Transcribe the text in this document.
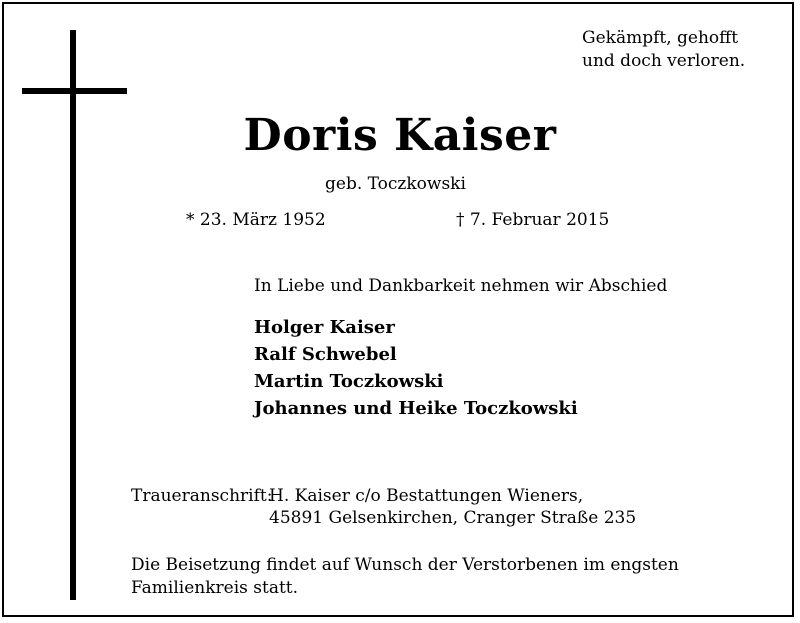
Gekämpft, gehofft
und doch verloren.
Doris Kaiser
geb. Toczkowski
* 23. März 1952	† 7. Februar 2015
In Liebe und Dankbarkeit nehmen wir Abschied
Holger Kaiser
Ralf Schwebel
Martin Toczkowski
Johannes und Heike Toczkowski
Traueranschrift:
H. Kaiser c/o Bestattungen Wieners,
45891 Gelsenkirchen, Cranger Straße 235
Die Beisetzung findet auf Wunsch der Verstorbenen im engsten
Familienkreis statt.
